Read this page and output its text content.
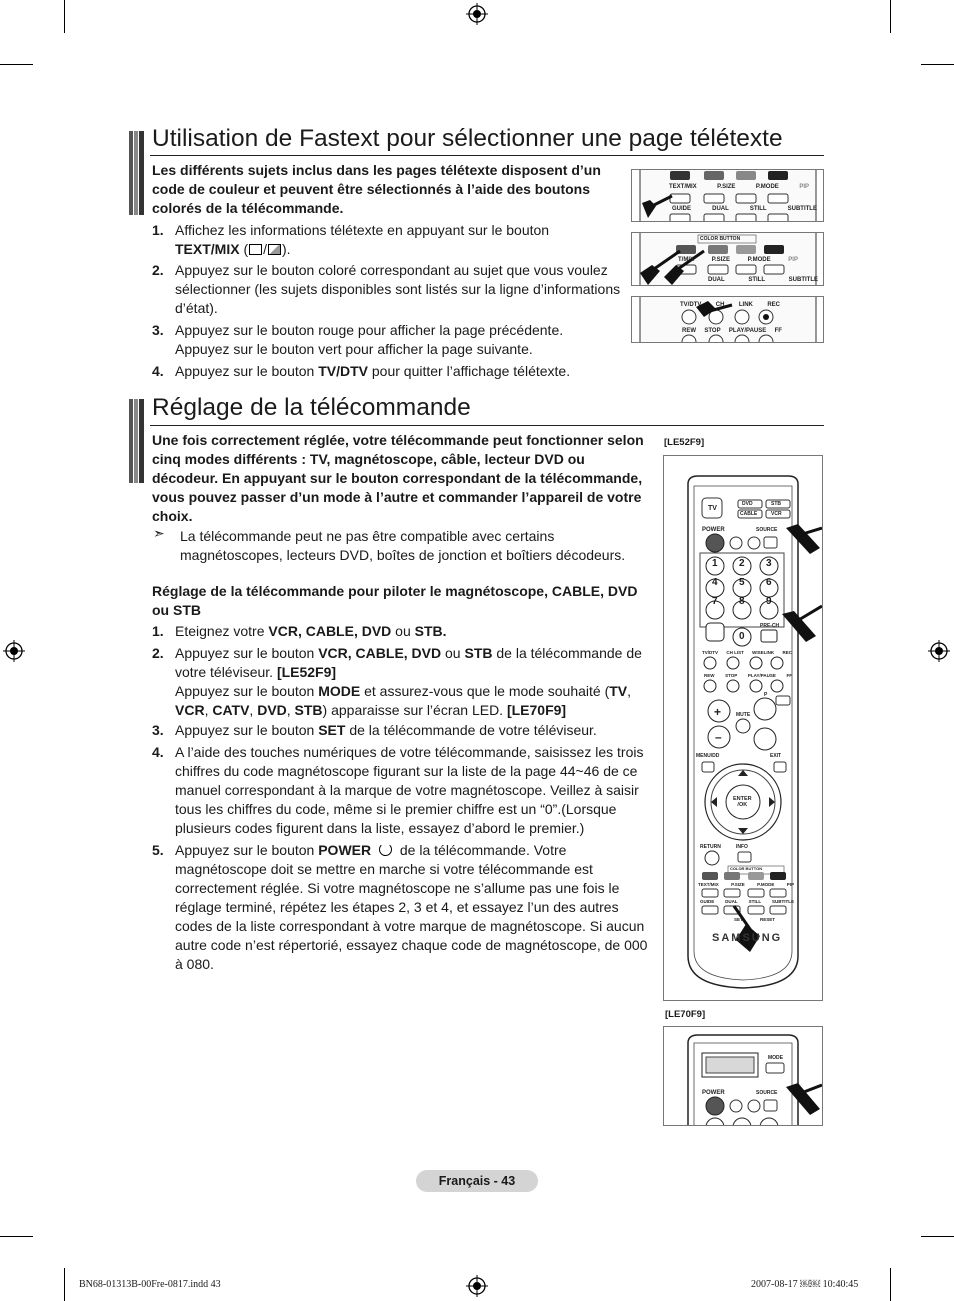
Utilisation de Fastext pour sélectionner une page télétexte

Les différents sujets inclus dans les pages télétexte disposent d’un code de couleur et peuvent être sélectionnés à l’aide des boutons colorés de la télécommande.

1. Affichez les informations télétexte en appuyant sur le bouton
TEXT/MIX ( / ).
2. Appuyez sur le bouton coloré correspondant au sujet que vous voulez sélectionner (les sujets disponibles sont listés sur la ligne d’informations d’état).
3. Appuyez sur le bouton rouge pour afficher la page précédente. Appuyez sur le bouton vert pour afficher la page suivante.
4. Appuyez sur le bouton TV/DTV pour quitter l’affichage télétexte.
TEXT/MIX	P.SIZE	P.MODE	PIP
GUIDE	DUAL	STILL	SUBTITLE
COLOR BUTTON
T/MIX	P.SIZE	P.MODE	PIP
DUAL	STILL	SUBTITLE
TV/DTV CH LINK REC
REW STOP PLAY/PAUSE FF
Réglage de la télécommande

Une fois correctement réglée, votre télécommande peut fonctionner selon cinq modes différents : TV, magnétoscope, câble, lecteur DVD ou décodeur. En appuyant sur le bouton correspondant de la télécommande, vous pouvez passer d’un mode à l’autre et commander l’appareil de votre choix.

➣ La télécommande peut ne pas être compatible avec certains magnétoscopes, lecteurs DVD, boîtes de jonction et boîtiers décodeurs.

Réglage de la télécommande pour piloter le magnétoscope, CABLE, DVD ou STB

1. Eteignez votre VCR, CABLE, DVD ou STB.
2. Appuyez sur le bouton VCR, CABLE, DVD ou STB de la télécommande de votre téléviseur. [LE52F9]
Appuyez sur le bouton MODE et assurez-vous que le mode souhaité (TV, VCR, CATV, DVD, STB) apparaisse sur l’écran LED. [LE70F9]
3. Appuyez sur le bouton SET de la télécommande de votre téléviseur.
4. A l’aide des touches numériques de votre télécommande, saisissez les trois chiffres du code magnétoscope figurant sur la liste de la page 44~46 de ce manuel correspondant à la marque de votre magnétoscope. Veillez à saisir tous les chiffres du code, même si le premier chiffre est un “0”.(Lorsque plusieurs codes figurent dans la liste, essayez d’abord le premier.)
5. Appuyez sur le bouton POWER  de la télécommande. Votre magnétoscope doit se mettre en marche si votre télécommande est correctement réglée. Si votre magnétoscope ne s’allume pas une fois le réglage terminé, répétez les étapes 2, 3 et 4, et essayez l’un des autres codes de la liste correspondant à votre marque de magnétoscope. Si aucun autre code n’est répertorié, essayez chaque code de magnétoscope, de 000 à 080.
[LE52F9]
TV
DVD	STB
CABLE	VCR
POWER	SOURCE
1	2	3
4	5	6
7	8	9
0
PRE-CH
TV/DTV CH LIST WISELINK REC
REW STOP PLAY/PAUSE FF
P
MUTE
+
–
MENU/DD	EXIT
ENTER
/OK
RETURN	INFO
COLOR BUTTON
TEXT/MIX	P.SIZE	P.MODE	PIP
GUIDE DUAL STILL SUBTITLE
SET	RESET
SAMSUNG
[LE70F9]
MODE
POWER	SOURCE
Français - 43
BN68-01313B-00Fre-0817.indd 43	2007-08-17 ￼￼ 10:40:45
